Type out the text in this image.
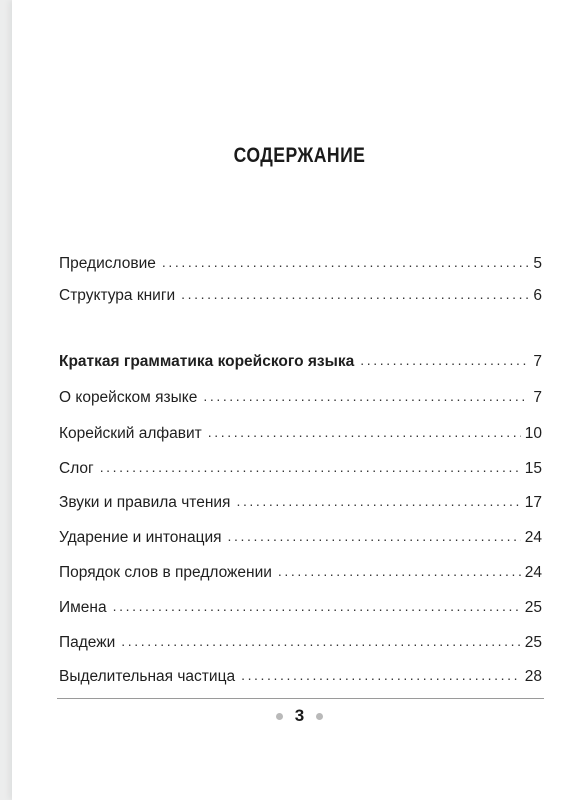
СОДЕРЖАНИЕ
Предисловие .....	5
Структура книги .....	6
Краткая грамматика корейского языка .....	7
О корейском языке .....	7
Корейский алфавит .....	10
Слог .....	15
Звуки и правила чтения .....	17
Ударение и интонация .....	24
Порядок слов в предложении .....	24
Имена .....	25
Падежи .....	25
Выделительная частица .....	28
3
